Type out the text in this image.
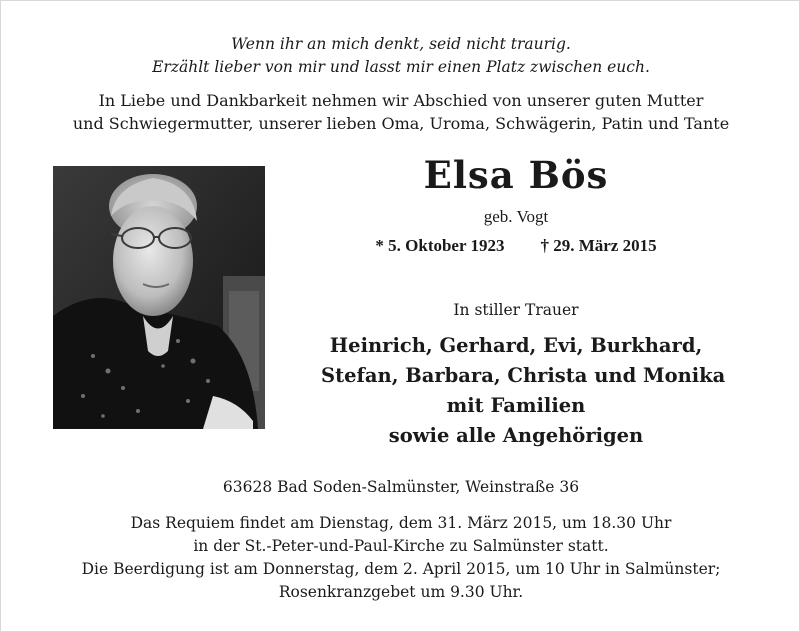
Wenn ihr an mich denkt, seid nicht traurig.
Erzählt lieber von mir und lasst mir einen Platz zwischen euch.
In Liebe und Dankbarkeit nehmen wir Abschied von unserer guten Mutter
und Schwiegermutter, unserer lieben Oma, Uroma, Schwägerin, Patin und Tante
Elsa Bös
geb. Vogt
* 5. Oktober 1923 † 29. März 2015
In stiller Trauer
Heinrich, Gerhard, Evi, Burkhard,
Stefan, Barbara, Christa und Monika
mit Familien
sowie alle Angehörigen
63628 Bad Soden-Salmünster, Weinstraße 36
Das Requiem findet am Dienstag, dem 31. März 2015, um 18.30 Uhr
in der St.-Peter-und-Paul-Kirche zu Salmünster statt.
Die Beerdigung ist am Donnerstag, dem 2. April 2015, um 10 Uhr in Salmünster;
Rosenkranzgebet um 9.30 Uhr.
